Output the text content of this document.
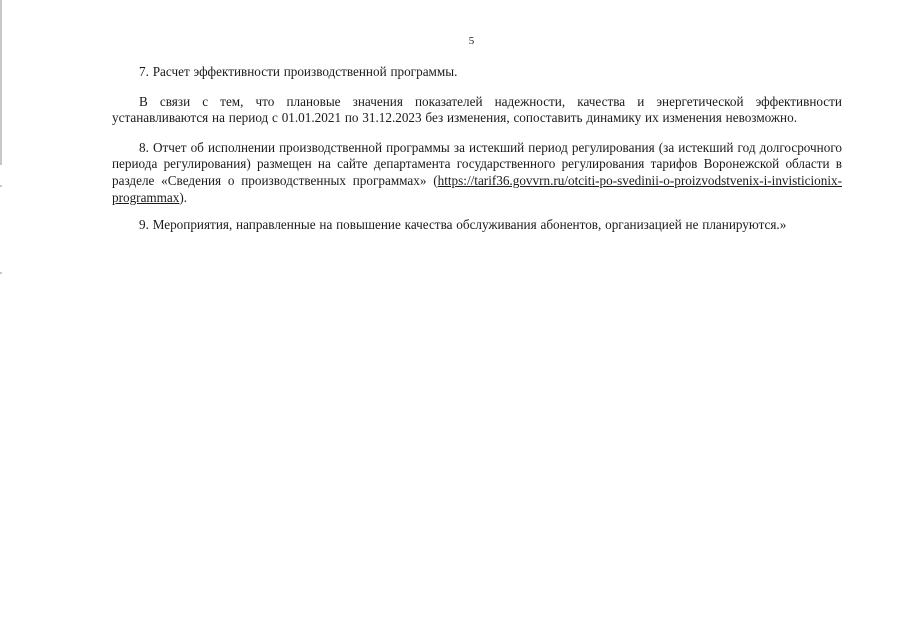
5

7. Расчет эффективности производственной программы.

В связи с тем, что плановые значения показателей надежности, качества и энергетической эффективности устанавливаются на период с 01.01.2021 по 31.12.2023 без изменения, сопоставить динамику их изменения невозможно.

8. Отчет об исполнении производственной программы за истекший период регулирования (за истекший год долгосрочного периода регулирования) размещен на сайте департамента государственного регулирования тарифов Воронежской области в разделе «Сведения о производственных программах» (https://tarif36.govvrn.ru/otciti-po-svedinii-o-proizvodstvenix-i-invisticionix-programmax).

9. Мероприятия, направленные на повышение качества обслуживания абонентов, организацией не планируются.»
